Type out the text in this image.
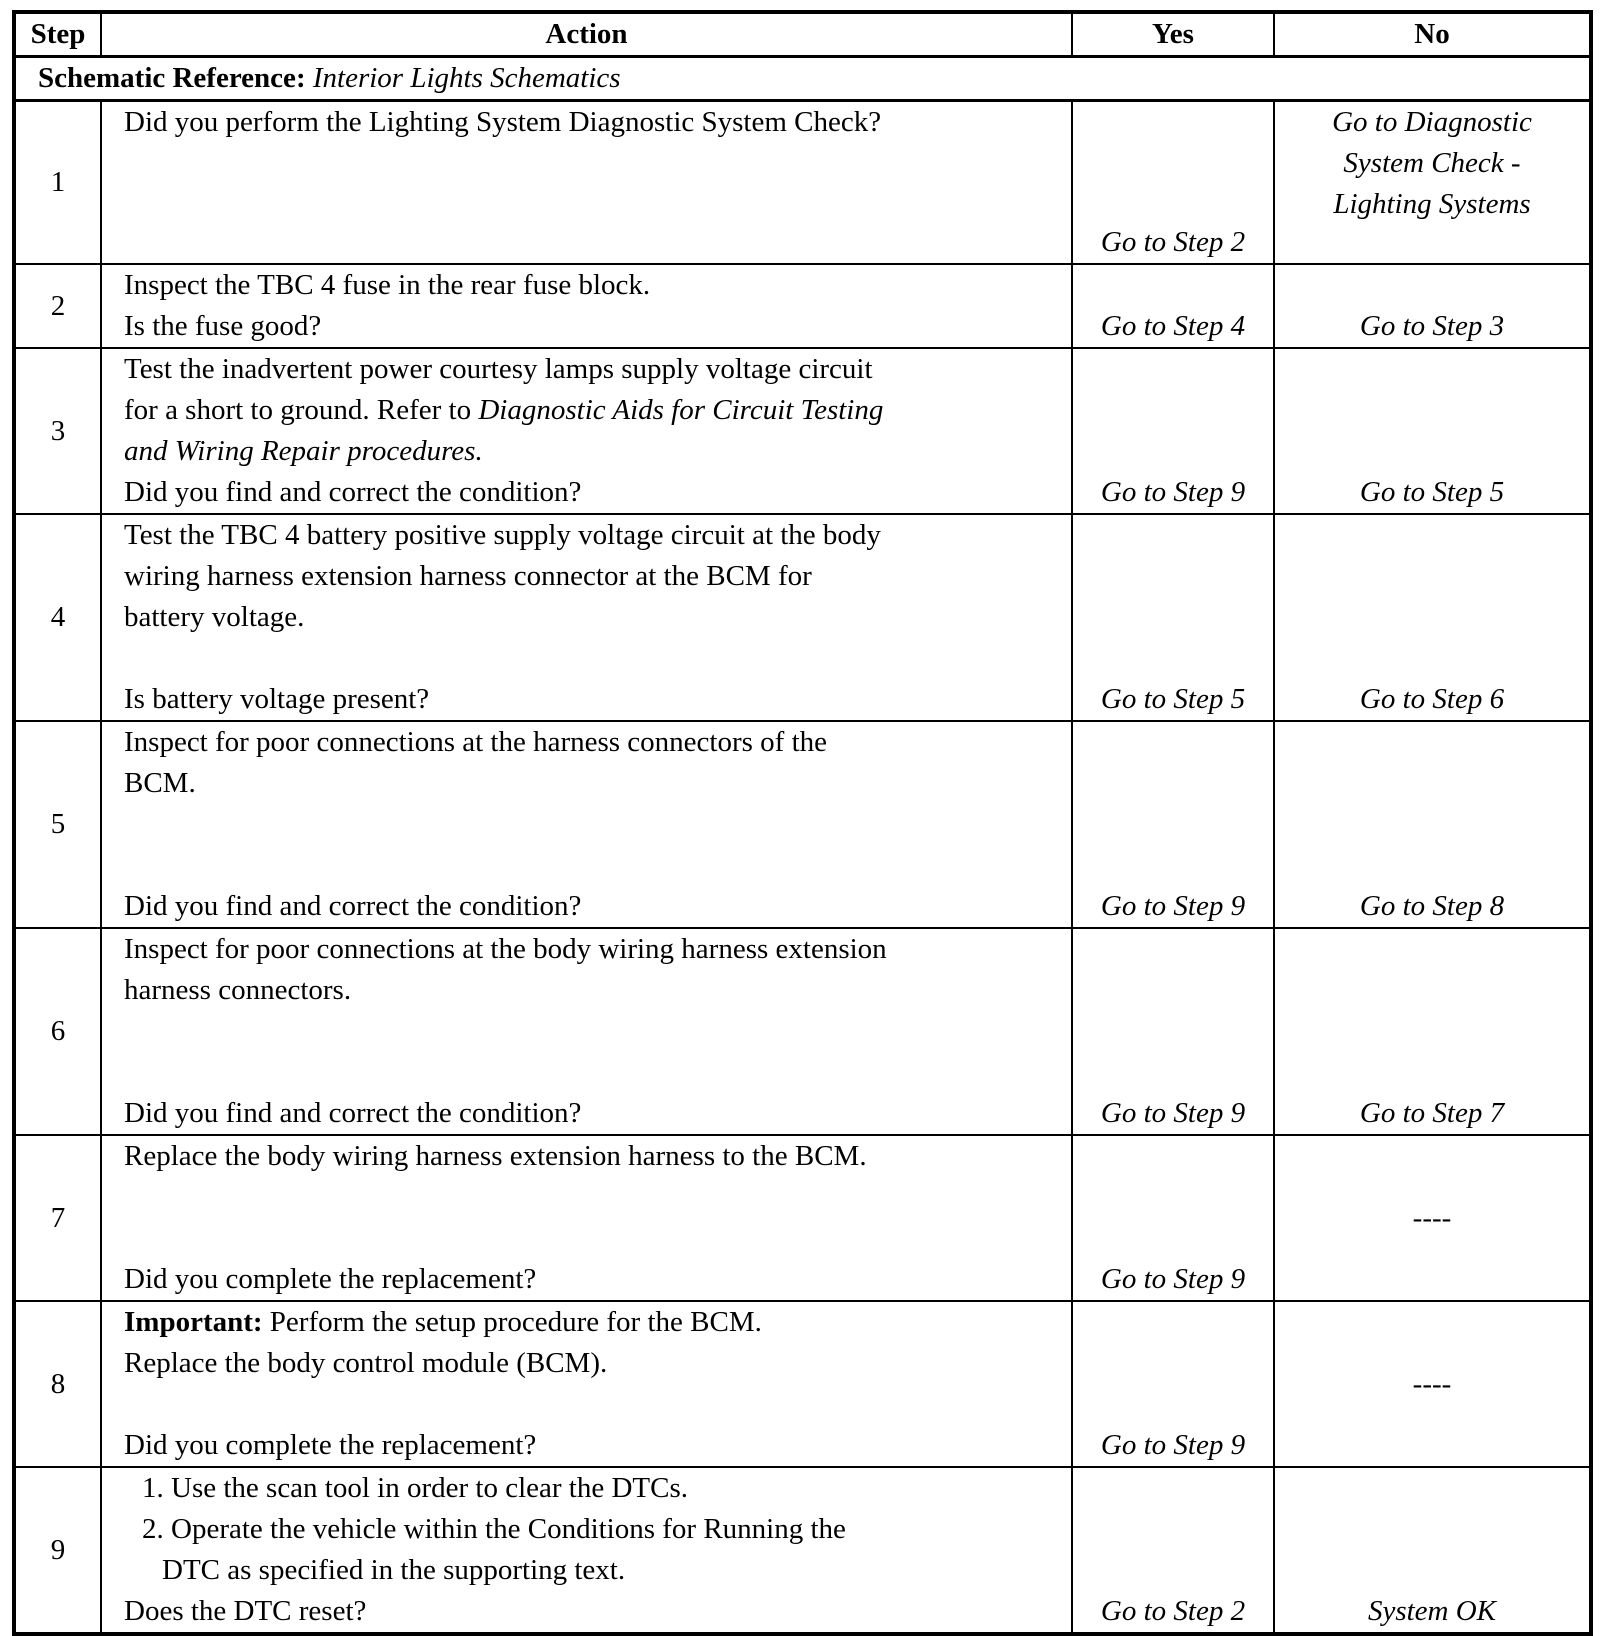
Step	Action	Yes	No
Schematic Reference: Interior Lights Schematics			
1	Did you perform the Lighting System Diagnostic System Check?	Go to Step 2	Go to Diagnostic
System Check -
Lighting Systems

2	Inspect the TBC 4 fuse in the rear fuse block.
Is the fuse good?	Go to Step 4	Go to Step 3
3	Test the inadvertent power courtesy lamps supply voltage circuit
for a short to ground. Refer to Diagnostic Aids for Circuit Testing
and Wiring Repair procedures.
Did you find and correct the condition?	Go to Step 9	Go to Step 5
4	Test the TBC 4 battery positive supply voltage circuit at the body
wiring harness extension harness connector at the BCM for
battery voltage.
Is battery voltage present?	Go to Step 5	Go to Step 6
5	Inspect for poor connections at the harness connectors of the
BCM.
Did you find and correct the condition?	Go to Step 9	Go to Step 8
6	Inspect for poor connections at the body wiring harness extension
harness connectors.
Did you find and correct the condition?	Go to Step 9	Go to Step 7
7	Replace the body wiring harness extension harness to the BCM.
Did you complete the replacement?	Go to Step 9	----
8	Important: Perform the setup procedure for the BCM.
Replace the body control module (BCM).
Did you complete the replacement?	Go to Step 9	----
9	1. Use the scan tool in order to clear the DTCs.
2. Operate the vehicle within the Conditions for Running the
DTC as specified in the supporting text.
Does the DTC reset?	Go to Step 2	System OK
